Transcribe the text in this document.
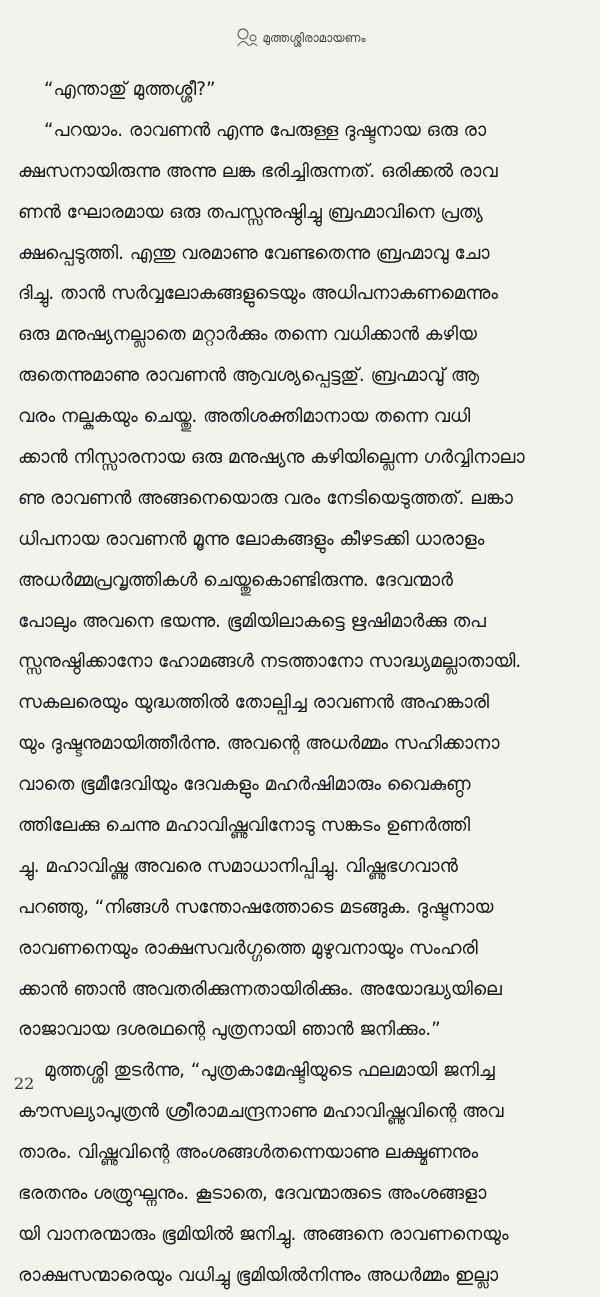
മുത്തശ്ശിരാമായണം
“എന്താതു് മുത്തശ്ശീ?”
“പറയാം. രാവണൻ എന്നു പേരുള്ള ദുഷ്ടനായ ഒരു രാ
ക്ഷസനായിരുന്നു അന്നു ലങ്ക ഭരിച്ചിരുന്നത്. ഒരിക്കൽ രാവ
ണൻ ഘോരമായ ഒരു തപസ്സനുഷ്ഠിച്ചു ബ്രഹ്മാവിനെ പ്രത്യ
ക്ഷപ്പെടുത്തി. എന്തു വരമാണു വേണ്ടതെന്നു ബ്രഹ്മാവു ചോ
ദിച്ചു. താൻ സർവ്വലോകങ്ങളുടെയും അധിപനാകണമെന്നും
ഒരു മനുഷ്യനല്ലാതെ മറ്റാർക്കും തന്നെ വധിക്കാൻ കഴിയ
രുതെന്നുമാണു രാവണൻ ആവശ്യപ്പെട്ടതു്. ബ്രഹ്മാവു് ആ
വരം നല്കുകയും ചെയ്തു. അതിശക്തിമാനായ തന്നെ വധി
ക്കാൻ നിസ്സാരനായ ഒരു മനുഷ്യനു കഴിയില്ലെന്ന ഗർവ്വിനാലാ
ണു രാവണൻ അങ്ങനെയൊരു വരം നേടിയെടുത്തത്. ലങ്കാ
ധിപനായ രാവണൻ മൂന്നു ലോകങ്ങളും കീഴടക്കി ധാരാളം
അധർമ്മപ്രവൃത്തികൾ ചെയ്തുകൊണ്ടിരുന്നു. ദേവന്മാർ
പോലും അവനെ ഭയന്നു. ഭൂമിയിലാകട്ടെ ഋഷിമാർക്കു തപ
സ്സനുഷ്ഠിക്കാനോ ഹോമങ്ങൾ നടത്താനോ സാദ്ധ്യമല്ലാതായി.
സകലരെയും യുദ്ധത്തിൽ തോല്പിച്ച രാവണൻ അഹങ്കാരി
യും ദുഷ്ടനുമായിത്തീർന്നു. അവന്റെ അധർമ്മം സഹിക്കാനാ
വാതെ ഭൂമീദേവിയും ദേവകളും മഹർഷിമാരും വൈകുണ്ഠ
ത്തിലേക്കു ചെന്നു മഹാവിഷ്ണുവിനോടു സങ്കടം ഉണർത്തി
ച്ചു. മഹാവിഷ്ണു അവരെ സമാധാനിപ്പിച്ചു. വിഷ്ണുഭഗവാൻ
പറഞ്ഞു, “നിങ്ങൾ സന്തോഷത്തോടെ മടങ്ങുക. ദുഷ്ടനായ
രാവണനെയും രാക്ഷസവർഗ്ഗത്തെ മുഴുവനായും സംഹരി
ക്കാൻ ഞാൻ അവതരിക്കുന്നതായിരിക്കും. അയോദ്ധ്യയിലെ
രാജാവായ ദശരഥന്റെ പുത്രനായി ഞാൻ ജനിക്കും.”
മുത്തശ്ശി തുടർന്നു, “പുത്രകാമേഷ്ടിയുടെ ഫലമായി ജനിച്ച
കൗസല്യാപുത്രൻ ശ്രീരാമചന്ദ്രനാണു മഹാവിഷ്ണുവിന്റെ അവ
താരം. വിഷ്ണുവിന്റെ അംശങ്ങൾതന്നെയാണു ലക്ഷ്മണനും
ഭരതനും ശത്രുഘ്നനും. കൂടാതെ, ദേവന്മാരുടെ അംശങ്ങളാ
യി വാനരന്മാരും ഭൂമിയിൽ ജനിച്ചു. അങ്ങനെ രാവണനെയും
രാക്ഷസന്മാരെയും വധിച്ചു ഭൂമിയിൽനിന്നും അധർമ്മം ഇല്ലാ
22
